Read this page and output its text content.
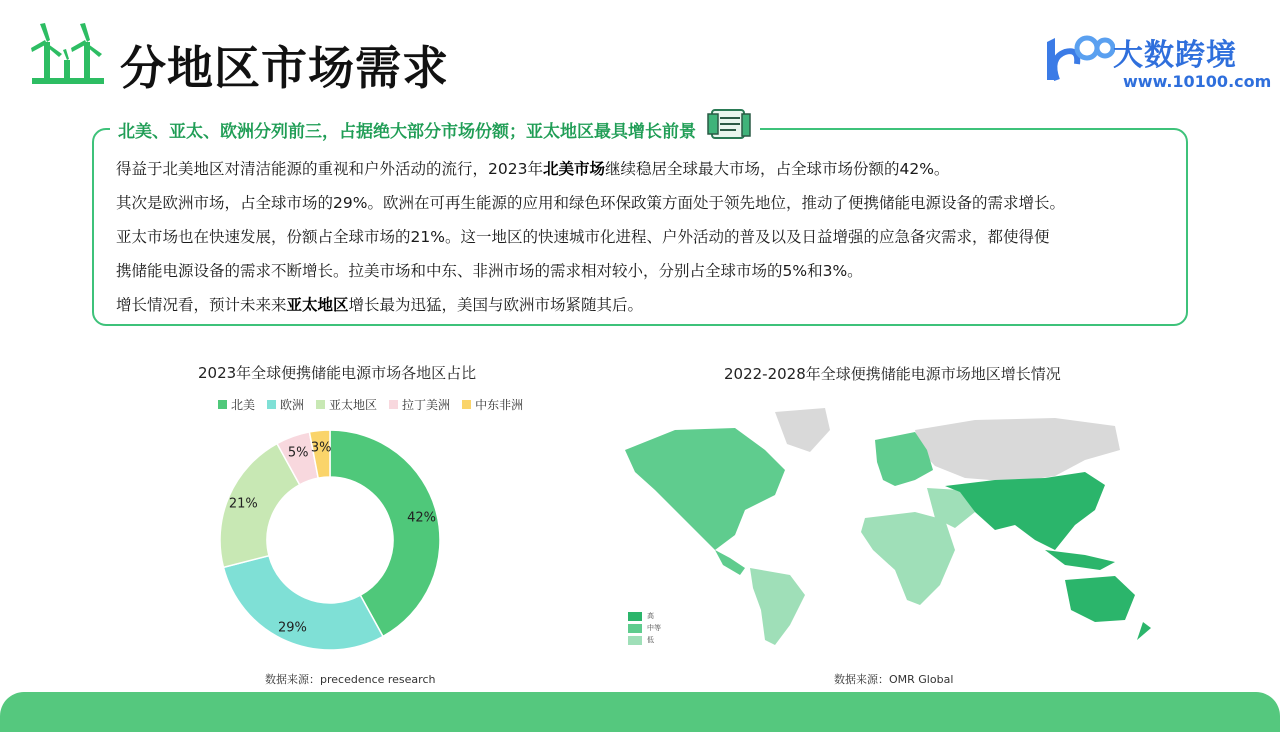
分地区市场需求	大数跨境
www.10100.com
北美、亚太、欧洲分列前三，占据绝大部分市场份额；亚太地区最具增长前景

得益于北美地区对清洁能源的重视和户外活动的流行，2023年北美市场继续稳居全球最大市场，占全球市场份额的42%。

其次是欧洲市场，占全球市场的29%。欧洲在可再生能源的应用和绿色环保政策方面处于领先地位，推动了便携储能电源设备的需求增长。

亚太市场也在快速发展，份额占全球市场的21%。这一地区的快速城市化进程、户外活动的普及以及日益增强的应急备灾需求，都使得便

携储能电源设备的需求不断增长。拉美市场和中东、非洲市场的需求相对较小，分别占全球市场的5%和3%。

增长情况看，预计未来来亚太地区增长最为迅猛，美国与欧洲市场紧随其后。

2023年全球便携储能电源市场各地区占比
北美 欧洲 亚太地区 拉丁美洲 中东非洲
42%
29%
21%
5% 3%
数据来源：precedence research
2022-2028年全球便携储能电源市场地区增长情况
高
中等
低
数据来源：OMR Global
